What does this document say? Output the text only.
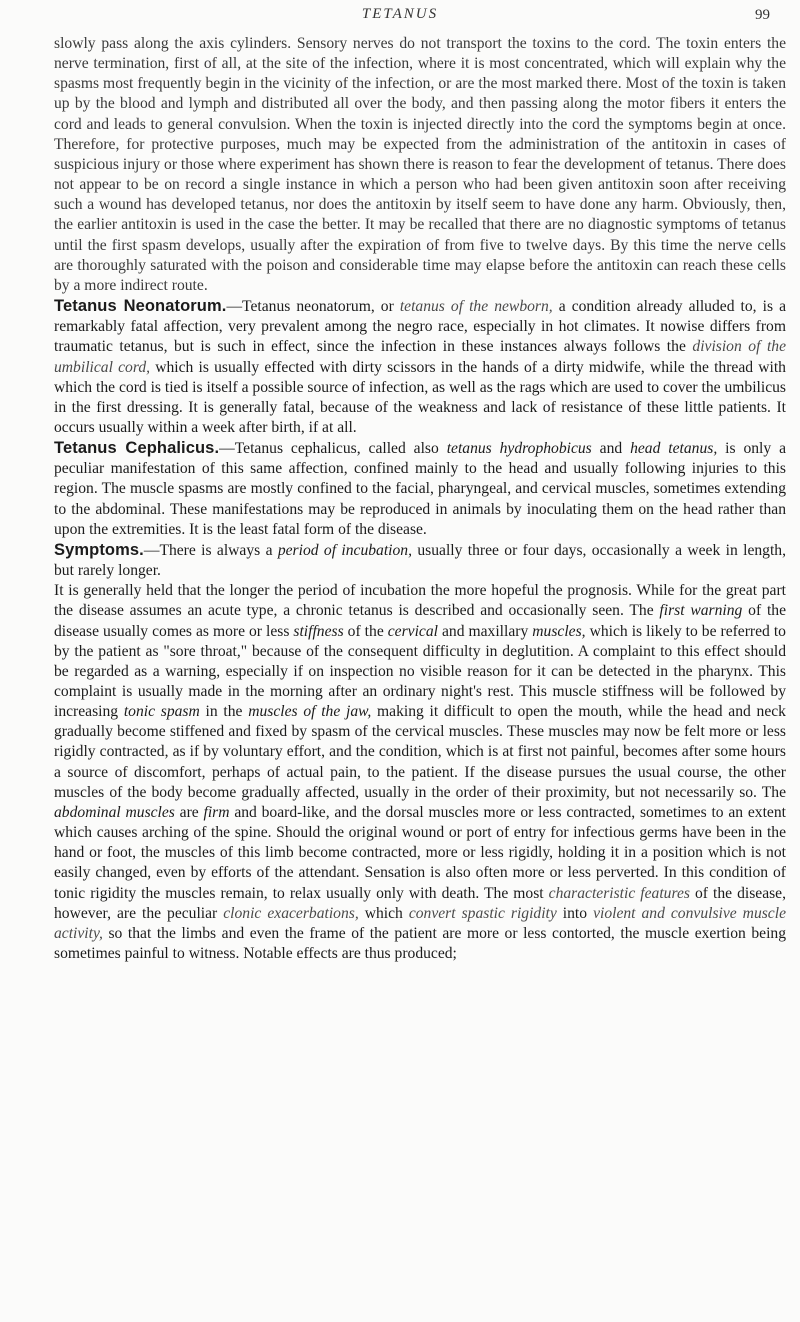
TETANUS	99

slowly pass along the axis cylinders. Sensory nerves do not transport the toxins to the cord. The toxin enters the nerve termination, first of all, at the site of the infection, where it is most concentrated, which will explain why the spasms most frequently begin in the vicinity of the infection, or are the most marked there. Most of the toxin is taken up by the blood and lymph and distributed all over the body, and then passing along the motor fibers it enters the cord and leads to general convulsion. When the toxin is injected directly into the cord the symptoms begin at once. Therefore, for protective purposes, much may be expected from the administration of the antitoxin in cases of suspicious injury or those where experiment has shown there is reason to fear the development of tetanus. There does not appear to be on record a single instance in which a person who had been given antitoxin soon after receiving such a wound has developed tetanus, nor does the antitoxin by itself seem to have done any harm. Obviously, then, the earlier antitoxin is used in the case the better. It may be recalled that there are no diagnostic symptoms of tetanus until the first spasm develops, usually after the expiration of from five to twelve days. By this time the nerve cells are thoroughly saturated with the poison and considerable time may elapse before the antitoxin can reach these cells by a more indirect route.

Tetanus Neonatorum.—Tetanus neonatorum, or tetanus of the newborn, a condition already alluded to, is a remarkably fatal affection, very prevalent among the negro race, especially in hot climates. It nowise differs from traumatic tetanus, but is such in effect, since the infection in these instances always follows the division of the umbilical cord, which is usually effected with dirty scissors in the hands of a dirty midwife, while the thread with which the cord is tied is itself a possible source of infection, as well as the rags which are used to cover the umbilicus in the first dressing. It is generally fatal, because of the weakness and lack of resistance of these little patients. It occurs usually within a week after birth, if at all.

Tetanus Cephalicus.—Tetanus cephalicus, called also tetanus hydrophobicus and head tetanus, is only a peculiar manifestation of this same affection, confined mainly to the head and usually following injuries to this region. The muscle spasms are mostly confined to the facial, pharyngeal, and cervical muscles, sometimes extending to the abdominal. These manifestations may be reproduced in animals by inoculating them on the head rather than upon the extremities. It is the least fatal form of the disease.

Symptoms.—There is always a period of incubation, usually three or four days, occasionally a week in length, but rarely longer.

It is generally held that the longer the period of incubation the more hopeful the prognosis. While for the great part the disease assumes an acute type, a chronic tetanus is described and occasionally seen. The first warning of the disease usually comes as more or less stiffness of the cervical and maxillary muscles, which is likely to be referred to by the patient as "sore throat," because of the consequent difficulty in deglutition. A complaint to this effect should be regarded as a warning, especially if on inspection no visible reason for it can be detected in the pharynx. This complaint is usually made in the morning after an ordinary night's rest. This muscle stiffness will be followed by increasing tonic spasm in the muscles of the jaw, making it difficult to open the mouth, while the head and neck gradually become stiffened and fixed by spasm of the cervical muscles. These muscles may now be felt more or less rigidly contracted, as if by voluntary effort, and the condition, which is at first not painful, becomes after some hours a source of discomfort, perhaps of actual pain, to the patient. If the disease pursues the usual course, the other muscles of the body become gradually affected, usually in the order of their proximity, but not necessarily so. The abdominal muscles are firm and board-like, and the dorsal muscles more or less contracted, sometimes to an extent which causes arching of the spine. Should the original wound or port of entry for infectious germs have been in the hand or foot, the muscles of this limb become contracted, more or less rigidly, holding it in a position which is not easily changed, even by efforts of the attendant. Sensation is also often more or less perverted. In this condition of tonic rigidity the muscles remain, to relax usually only with death. The most characteristic features of the disease, however, are the peculiar clonic exacerbations, which convert spastic rigidity into violent and convulsive muscle activity, so that the limbs and even the frame of the patient are more or less contorted, the muscle exertion being sometimes painful to witness. Notable effects are thus produced;
